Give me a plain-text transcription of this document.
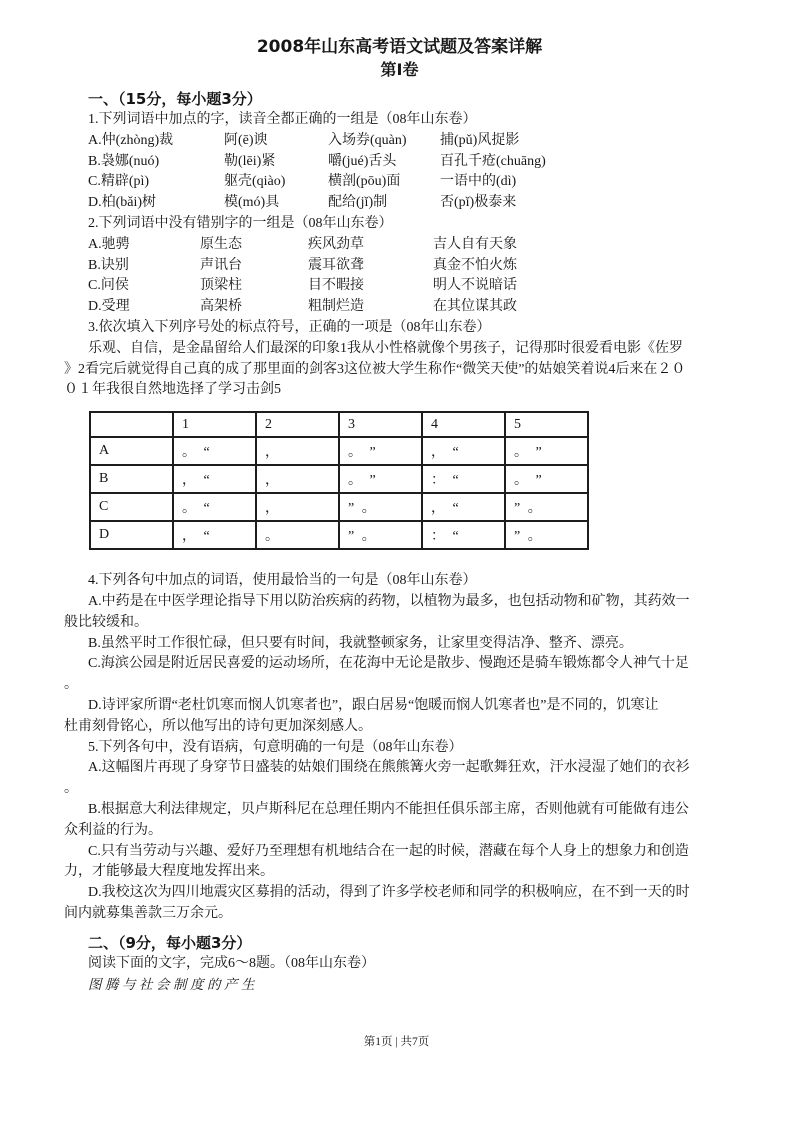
2008年山东高考语文试题及答案详解
第Ⅰ卷
一、（15分，每小题3分）
1.下列词语中加点的字，读音全都正确的一组是（08年山东卷）
A.仲(zhòng)裁	阿(ē)谀	入场券(quàn)	捕(pǔ)风捉影
B.袅娜(nuó)	勒(lēi)紧	嚼(jué)舌头	百孔千疮(chuāng)
C.精辟(pì)	躯壳(qiào)	横剖(pōu)面	一语中的(dì)
D.柏(bǎi)树	模(mó)具	配给(jǐ)制	否(pǐ)极泰来
2.下列词语中没有错别字的一组是（08年山东卷）
A.驰骋	原生态	疾风劲草	吉人自有天象
B.诀别	声讯台	震耳欲聋	真金不怕火炼
C.问侯	顶梁柱	目不暇接	明人不说暗话
D.受理	高架桥	粗制烂造	在其位谋其政
3.依次填入下列序号处的标点符号，正确的一项是（08年山东卷）
乐观、自信，是金晶留给人们最深的印象1我从小性格就像个男孩子，记得那时很爱看电影《佐罗
》2看完后就觉得自己真的成了那里面的剑客3这位被大学生称作“微笑天使”的姑娘笑着说4后来在２０
０１年我很自然地选择了学习击剑5
	1	2	3	4	5
A	。 “	，	。 ”	， “	。 ”
B	， “	，	。 ”	： “	。 ”
C	。 “	，	” 。	， “	” 。
D	， “	。	” 。	： “	” 。
4.下列各句中加点的词语，使用最恰当的一句是（08年山东卷）
A.中药是在中医学理论指导下用以防治疾病的药物，以植物为最多，也包括动物和矿物，其药效一
般比较缓和。
B.虽然平时工作很忙碌，但只要有时间，我就整顿家务，让家里变得洁净、整齐、漂亮。
C.海滨公园是附近居民喜爱的运动场所，在花海中无论是散步、慢跑还是骑车锻炼都令人神气十足
。
D.诗评家所谓“老杜饥寒而悯人饥寒者也”，跟白居易“饱暖而悯人饥寒者也”是不同的，饥寒让
杜甫刻骨铭心，所以他写出的诗句更加深刻感人。
5.下列各句中，没有语病，句意明确的一句是（08年山东卷）
A.这幅图片再现了身穿节日盛装的姑娘们围绕在熊熊篝火旁一起歌舞狂欢，汗水浸湿了她们的衣衫
。
B.根据意大利法律规定，贝卢斯科尼在总理任期内不能担任俱乐部主席，否则他就有可能做有违公
众利益的行为。
C.只有当劳动与兴趣、爱好乃至理想有机地结合在一起的时候，潜藏在每个人身上的想象力和创造
力，才能够最大程度地发挥出来。
D.我校这次为四川地震灾区募捐的活动，得到了许多学校老师和同学的积极响应，在不到一天的时
间内就募集善款三万余元。
二、（9分，每小题3分）
阅读下面的文字，完成6～8题。（08年山东卷）
图腾与社会制度的产生
第1页 | 共7页
